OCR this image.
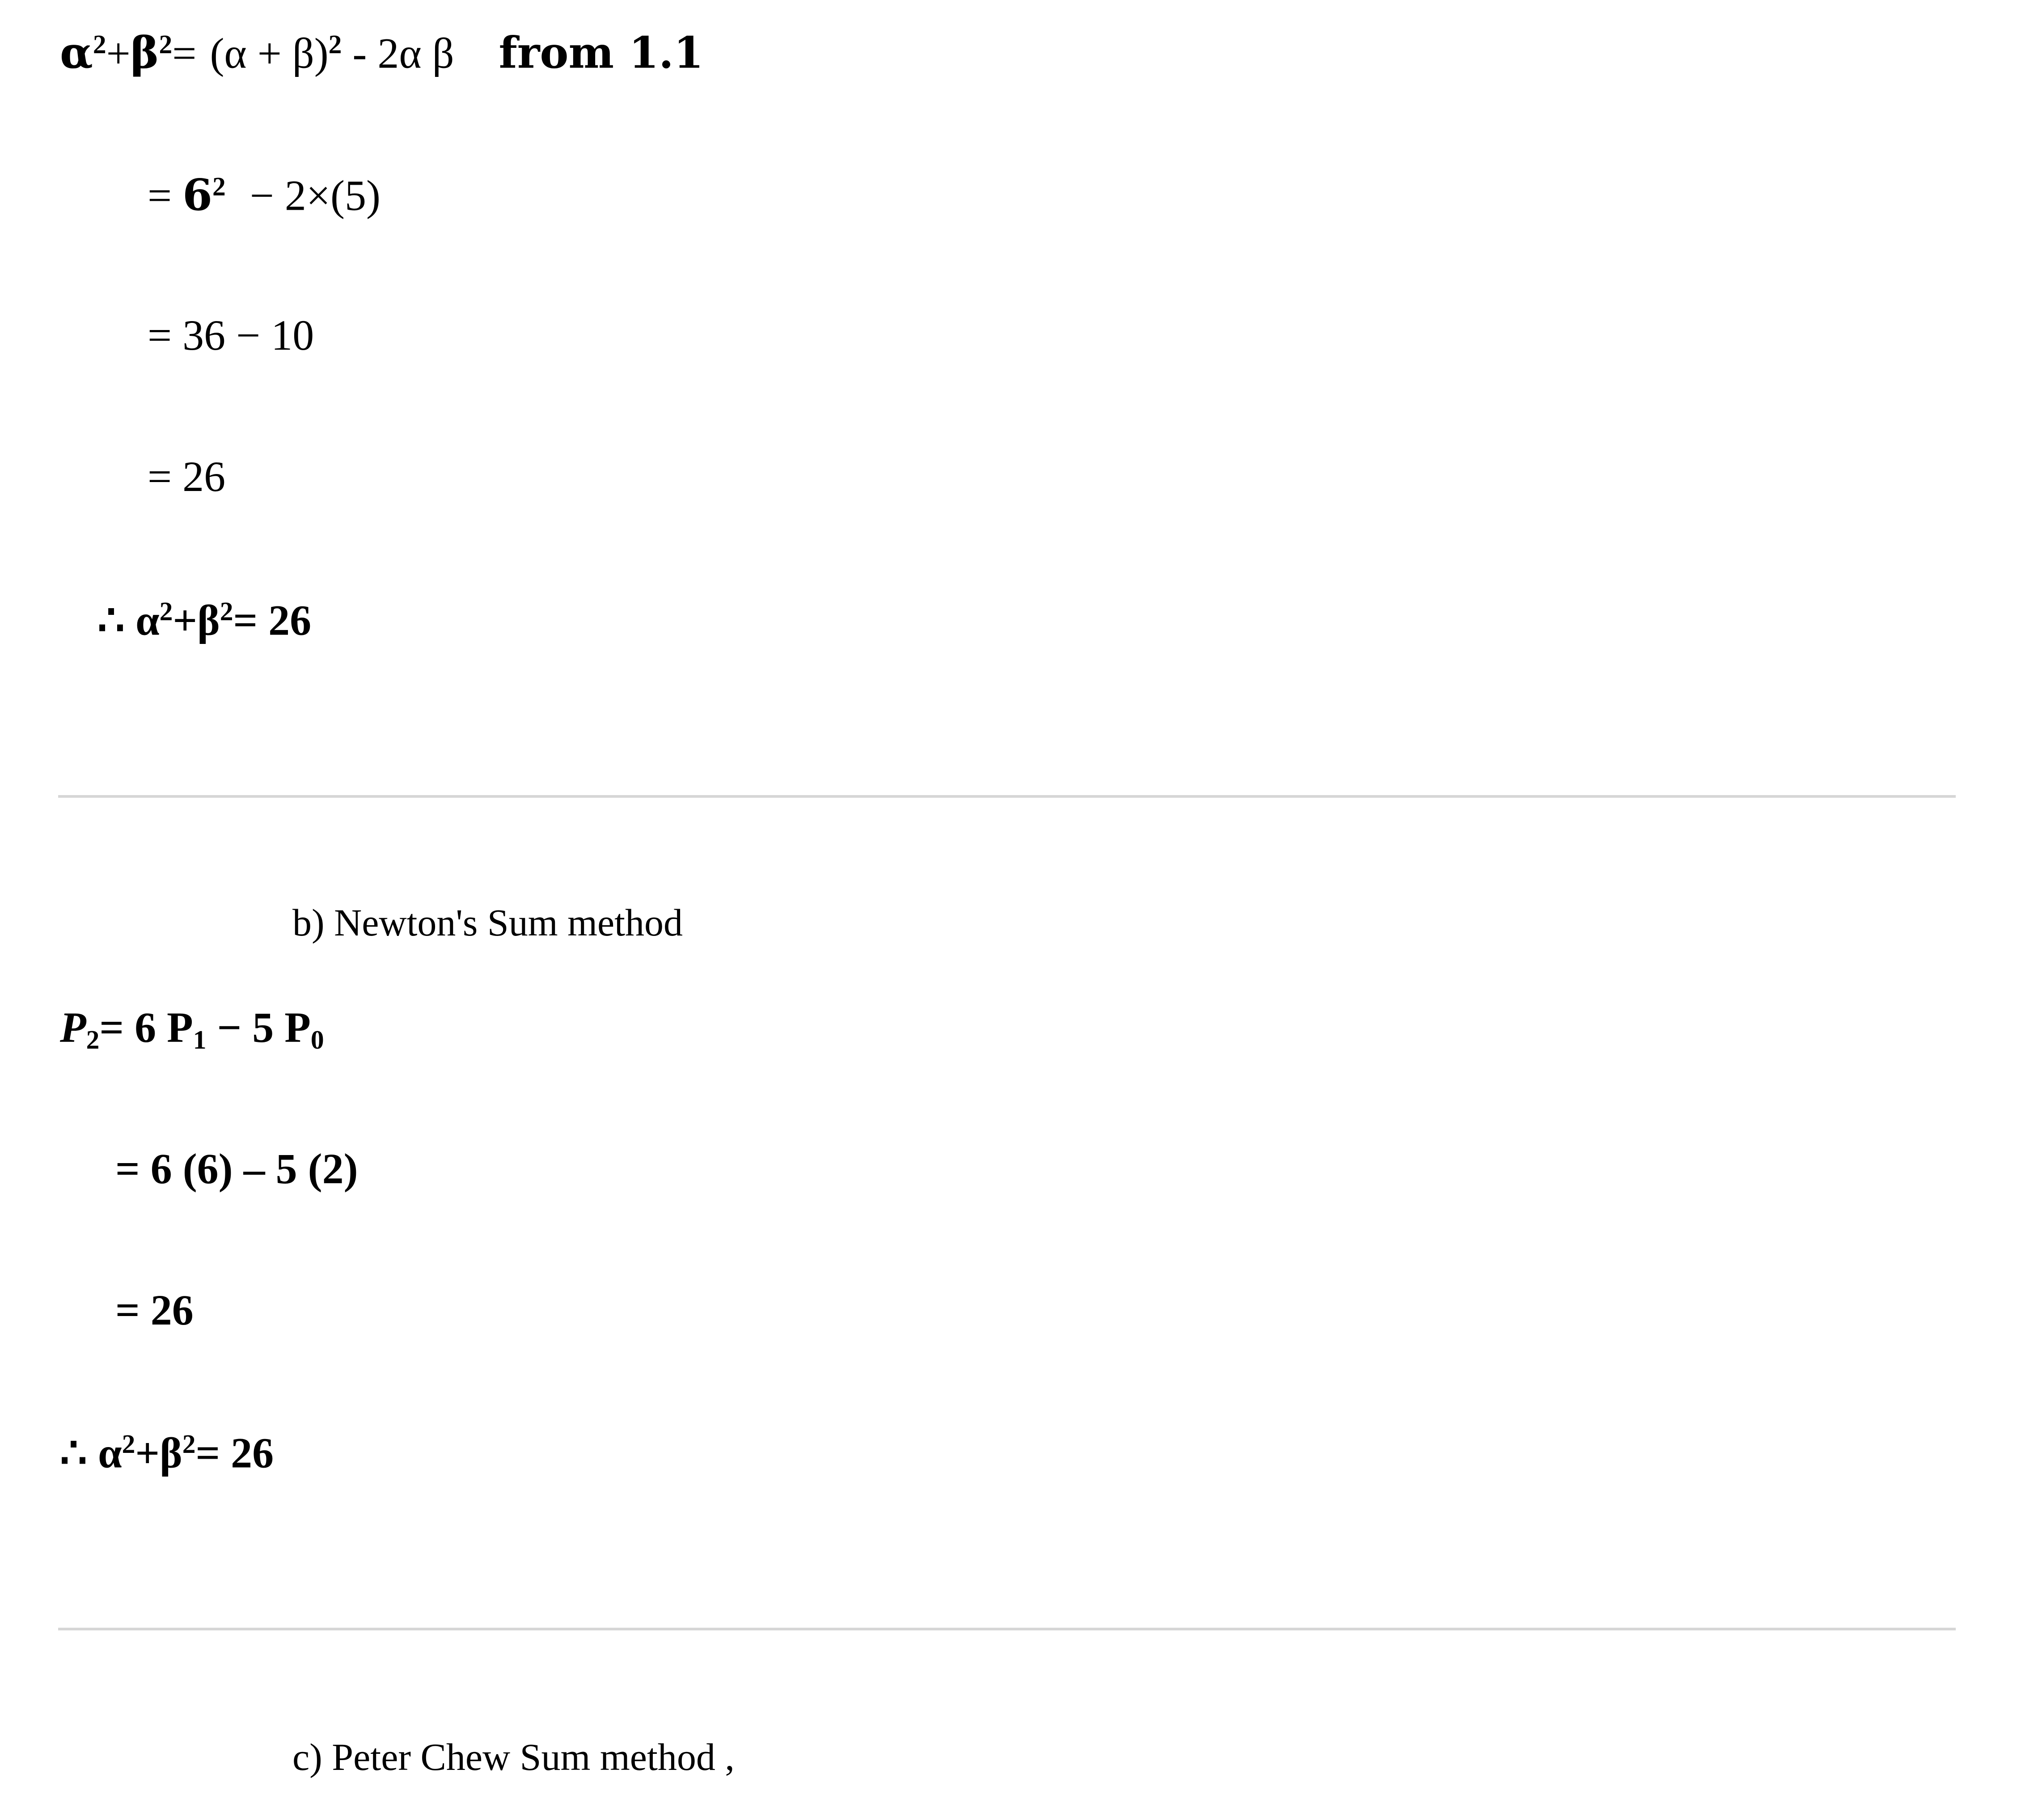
$\alpha^2+\beta^2= (\alpha + \beta)^2 - 2\alpha$ β from 1.1
= $6^2 - 2\times(5)$
= 36 − 10
= 26
∴ $\alpha^2+\beta^2= 26$
b) Newton's Sum method
$P_2= 6$ $P_1 - 5$ $P_0$
= 6 (6) – 5 (2)
= 26
∴ $\alpha^2+\beta^2= 26$
c) Peter Chew Sum method ,
